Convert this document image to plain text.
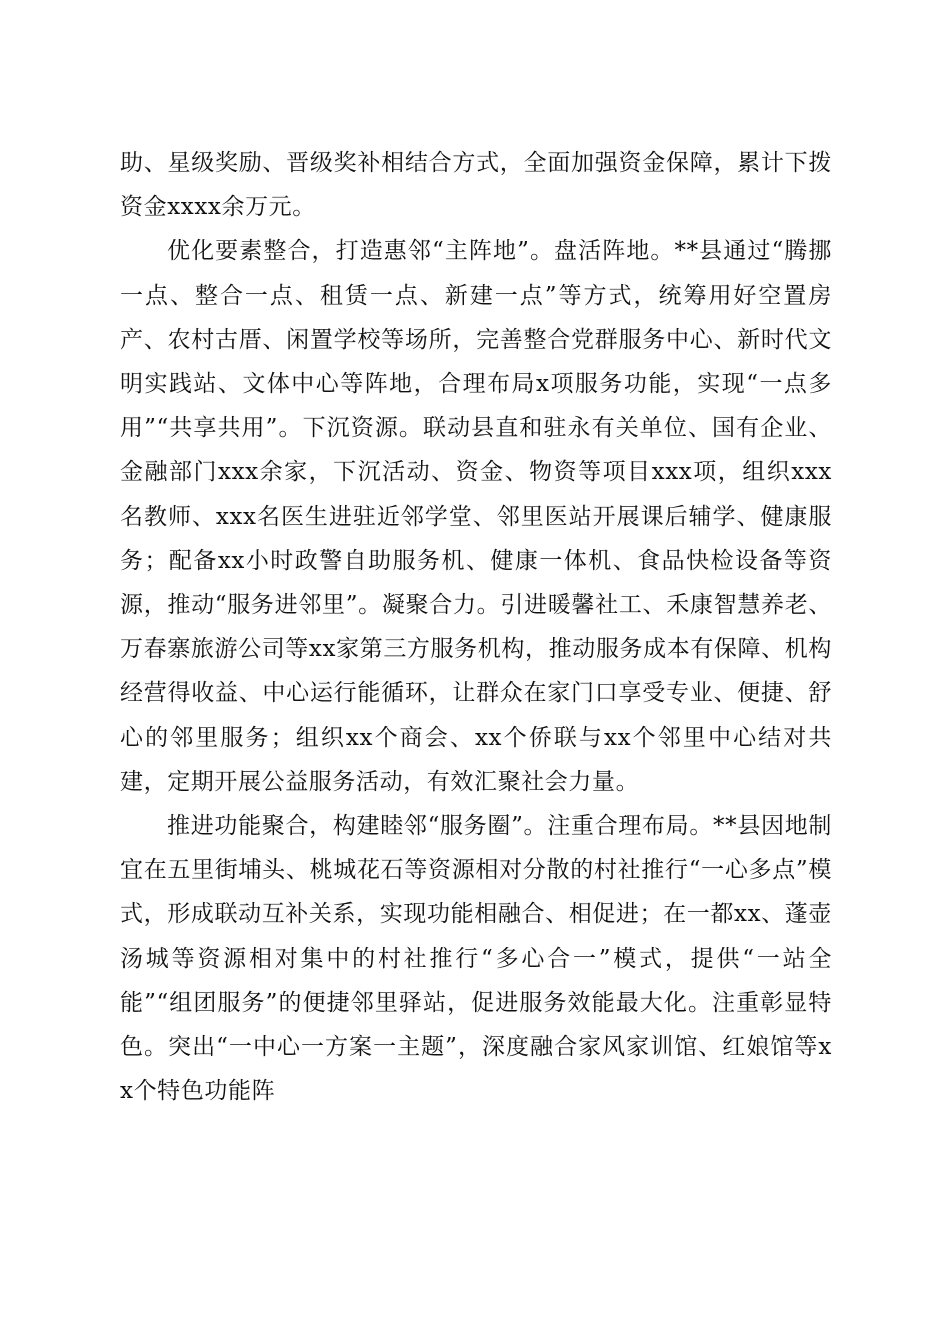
助、星级奖励、晋级奖补相结合方式，全面加强资金保障，累计下拨资金xxxx余万元。

优化要素整合，打造惠邻“主阵地”。盘活阵地。**县通过“腾挪一点、整合一点、租赁一点、新建一点”等方式，统筹用好空置房产、农村古厝、闲置学校等场所，完善整合党群服务中心、新时代文明实践站、文体中心等阵地，合理布局x项服务功能，实现“一点多用”“共享共用”。下沉资源。联动县直和驻永有关单位、国有企业、金融部门xxx余家，下沉活动、资金、物资等项目xxx项，组织xxx名教师、xxx名医生进驻近邻学堂、邻里医站开展课后辅学、健康服务；配备xx小时政警自助服务机、健康一体机、食品快检设备等资源，推动“服务进邻里”。凝聚合力。引进暖馨社工、禾康智慧养老、万春寨旅游公司等xx家第三方服务机构，推动服务成本有保障、机构经营得收益、中心运行能循环，让群众在家门口享受专业、便捷、舒心的邻里服务；组织xx个商会、xx个侨联与xx个邻里中心结对共建，定期开展公益服务活动，有效汇聚社会力量。

推进功能聚合，构建睦邻“服务圈”。注重合理布局。**县因地制宜在五里街埔头、桃城花石等资源相对分散的村社推行“一心多点”模式，形成联动互补关系，实现功能相融合、相促进；在一都xx、蓬壶汤城等资源相对集中的村社推行“多心合一”模式，提供“一站全能”“组团服务”的便捷邻里驿站，促进服务效能最大化。注重彰显特色。突出“一中心一方案一主题”，深度融合家风家训馆、红娘馆等xx个特色功能阵
